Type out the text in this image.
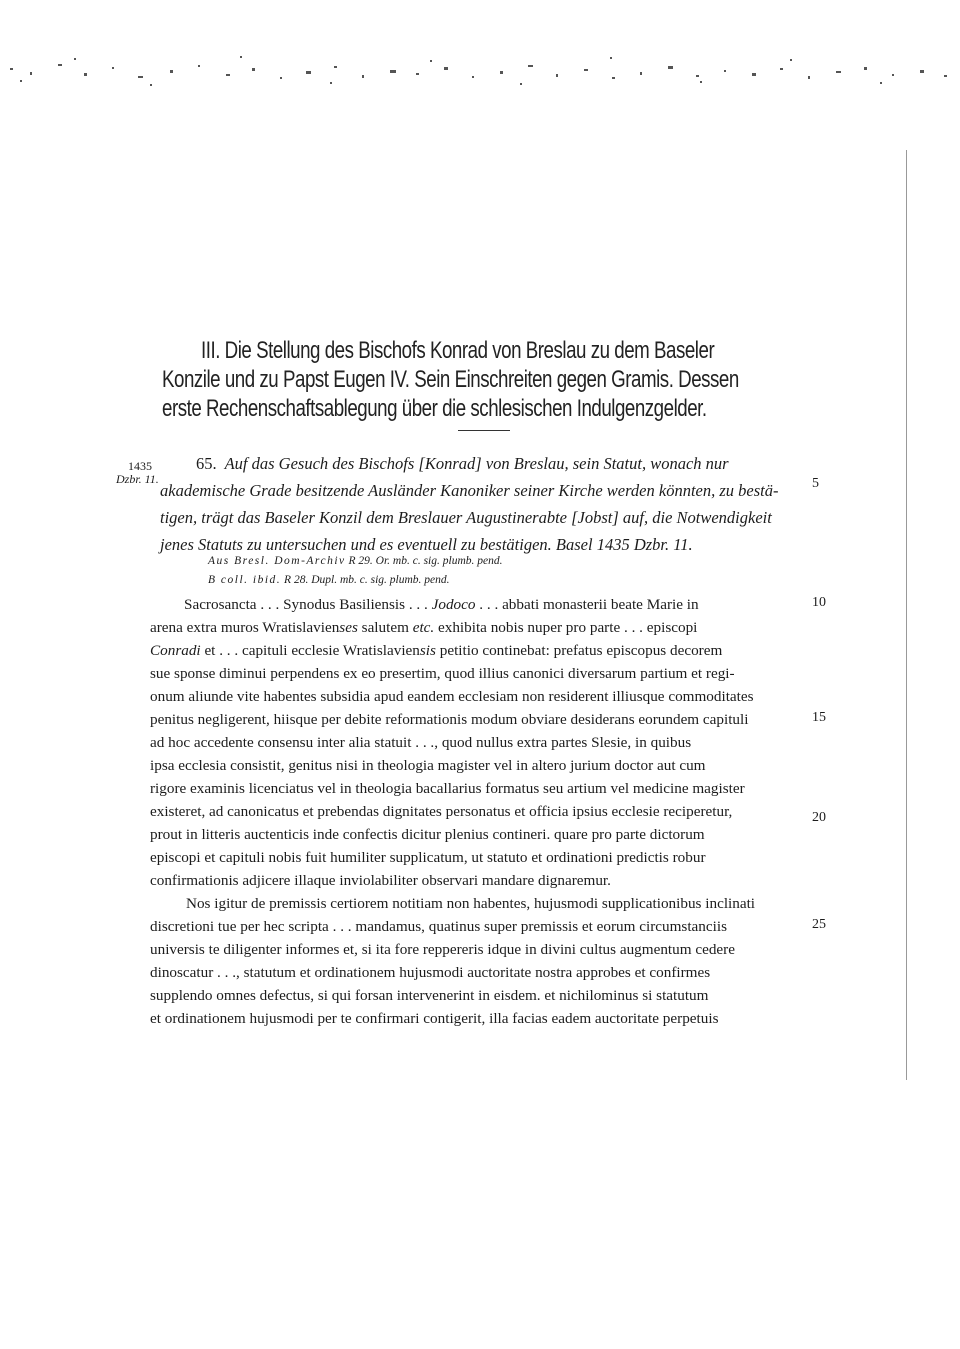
III. Die Stellung des Bischofs Konrad von Breslau zu dem Baseler
Konzile und zu Papst Eugen IV. Sein Einschreiten gegen Gramis. Dessen
erste Rechenschaftsablegung über die schlesischen Indulgenzgelder.
1435
Dzbr. 11.
65. Auf das Gesuch des Bischofs [Konrad] von Breslau, sein Statut, wonach nur
akademische Grade besitzende Ausländer Kanoniker seiner Kirche werden könnten, zu bestä-
tigen, trägt das Baseler Konzil dem Breslauer Augustinerabte [Jobst] auf, die Notwendigkeit
jenes Statuts zu untersuchen und es eventuell zu bestätigen. Basel 1435 Dzbr. 11.
5
Aus Bresl. Dom-Archiv R 29. Or. mb. c. sig. plumb. pend.
B coll. ibid. R 28. Dupl. mb. c. sig. plumb. pend.
Sacrosancta . . . Synodus Basiliensis . . . Jodoco . . . abbati monasterii beate Marie in
arena extra muros Wratislavienses salutem etc. exhibita nobis nuper pro parte . . . episcopi
Conradi et . . . capituli ecclesie Wratislaviensis petitio continebat: prefatus episcopus decorem
sue sponse diminui perpendens ex eo presertim, quod illius canonici diversarum partium et regi-
onum aliunde vite habentes subsidia apud eandem ecclesiam non residerent illiusque commoditates
penitus negligerent, hiisque per debite reformationis modum obviare desiderans eorundem capituli
ad hoc accedente consensu inter alia statuit . . ., quod nullus extra partes Slesie, in quibus
ipsa ecclesia consistit, genitus nisi in theologia magister vel in altero jurium doctor aut cum
rigore examinis licenciatus vel in theologia bacallarius formatus seu artium vel medicine magister
existeret, ad canonicatus et prebendas dignitates personatus et officia ipsius ecclesie reciperetur,
prout in litteris auctenticis inde confectis dicitur plenius contineri. quare pro parte dictorum
episcopi et capituli nobis fuit humiliter supplicatum, ut statuto et ordinationi predictis robur
confirmationis adjicere illaque inviolabiliter observari mandare dignaremur.
Nos igitur de premissis certiorem notitiam non habentes, hujusmodi supplicationibus inclinati
discretioni tue per hec scripta . . . mandamus, quatinus super premissis et eorum circumstanciis
universis te diligenter informes et, si ita fore reppereris idque in divini cultus augmentum cedere
dinoscatur . . ., statutum et ordinationem hujusmodi auctoritate nostra approbes et confirmes
supplendo omnes defectus, si qui forsan intervenerint in eisdem. et nichilominus si statutum
et ordinationem hujusmodi per te confirmari contigerit, illa facias eadem auctoritate perpetuis
10
15
20
25
